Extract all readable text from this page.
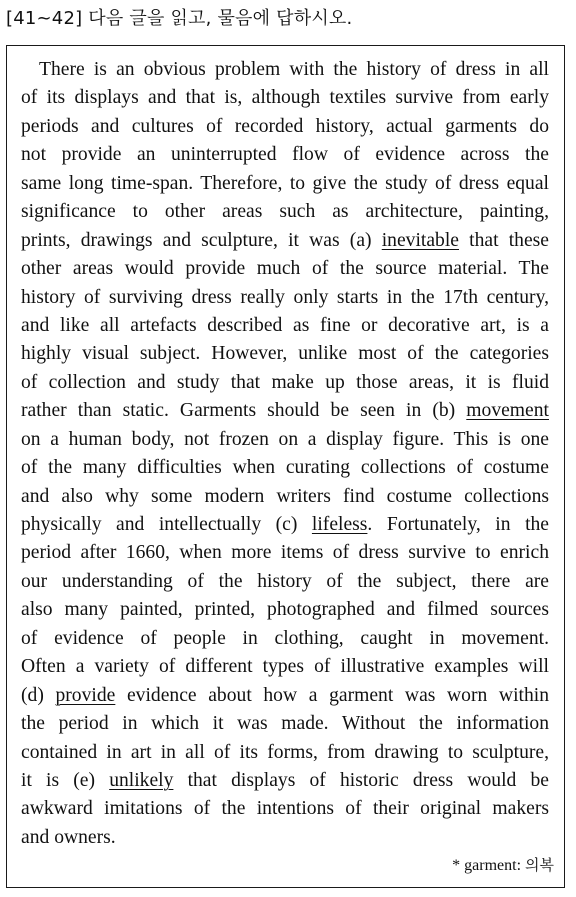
[41~42] 다음 글을 읽고, 물음에 답하시오.
There is an obvious problem with the history of dress in all
of its displays and that is, although textiles survive from early
periods and cultures of recorded history, actual garments do
not provide an uninterrupted flow of evidence across the
same long time-span. Therefore, to give the study of dress equal
significance to other areas such as architecture, painting,
prints, drawings and sculpture, it was (a) inevitable that these
other areas would provide much of the source material. The
history of surviving dress really only starts in the 17th century,
and like all artefacts described as fine or decorative art, is a
highly visual subject. However, unlike most of the categories
of collection and study that make up those areas, it is fluid
rather than static. Garments should be seen in (b) movement
on a human body, not frozen on a display figure. This is one
of the many difficulties when curating collections of costume
and also why some modern writers find costume collections
physically and intellectually (c) lifeless. Fortunately, in the
period after 1660, when more items of dress survive to enrich
our understanding of the history of the subject, there are
also many painted, printed, photographed and filmed sources
of evidence of people in clothing, caught in movement.
Often a variety of different types of illustrative examples will
(d) provide evidence about how a garment was worn within
the period in which it was made. Without the information
contained in art in all of its forms, from drawing to sculpture,
it is (e) unlikely that displays of historic dress would be
awkward imitations of the intentions of their original makers
and owners.
* garment: 의복
